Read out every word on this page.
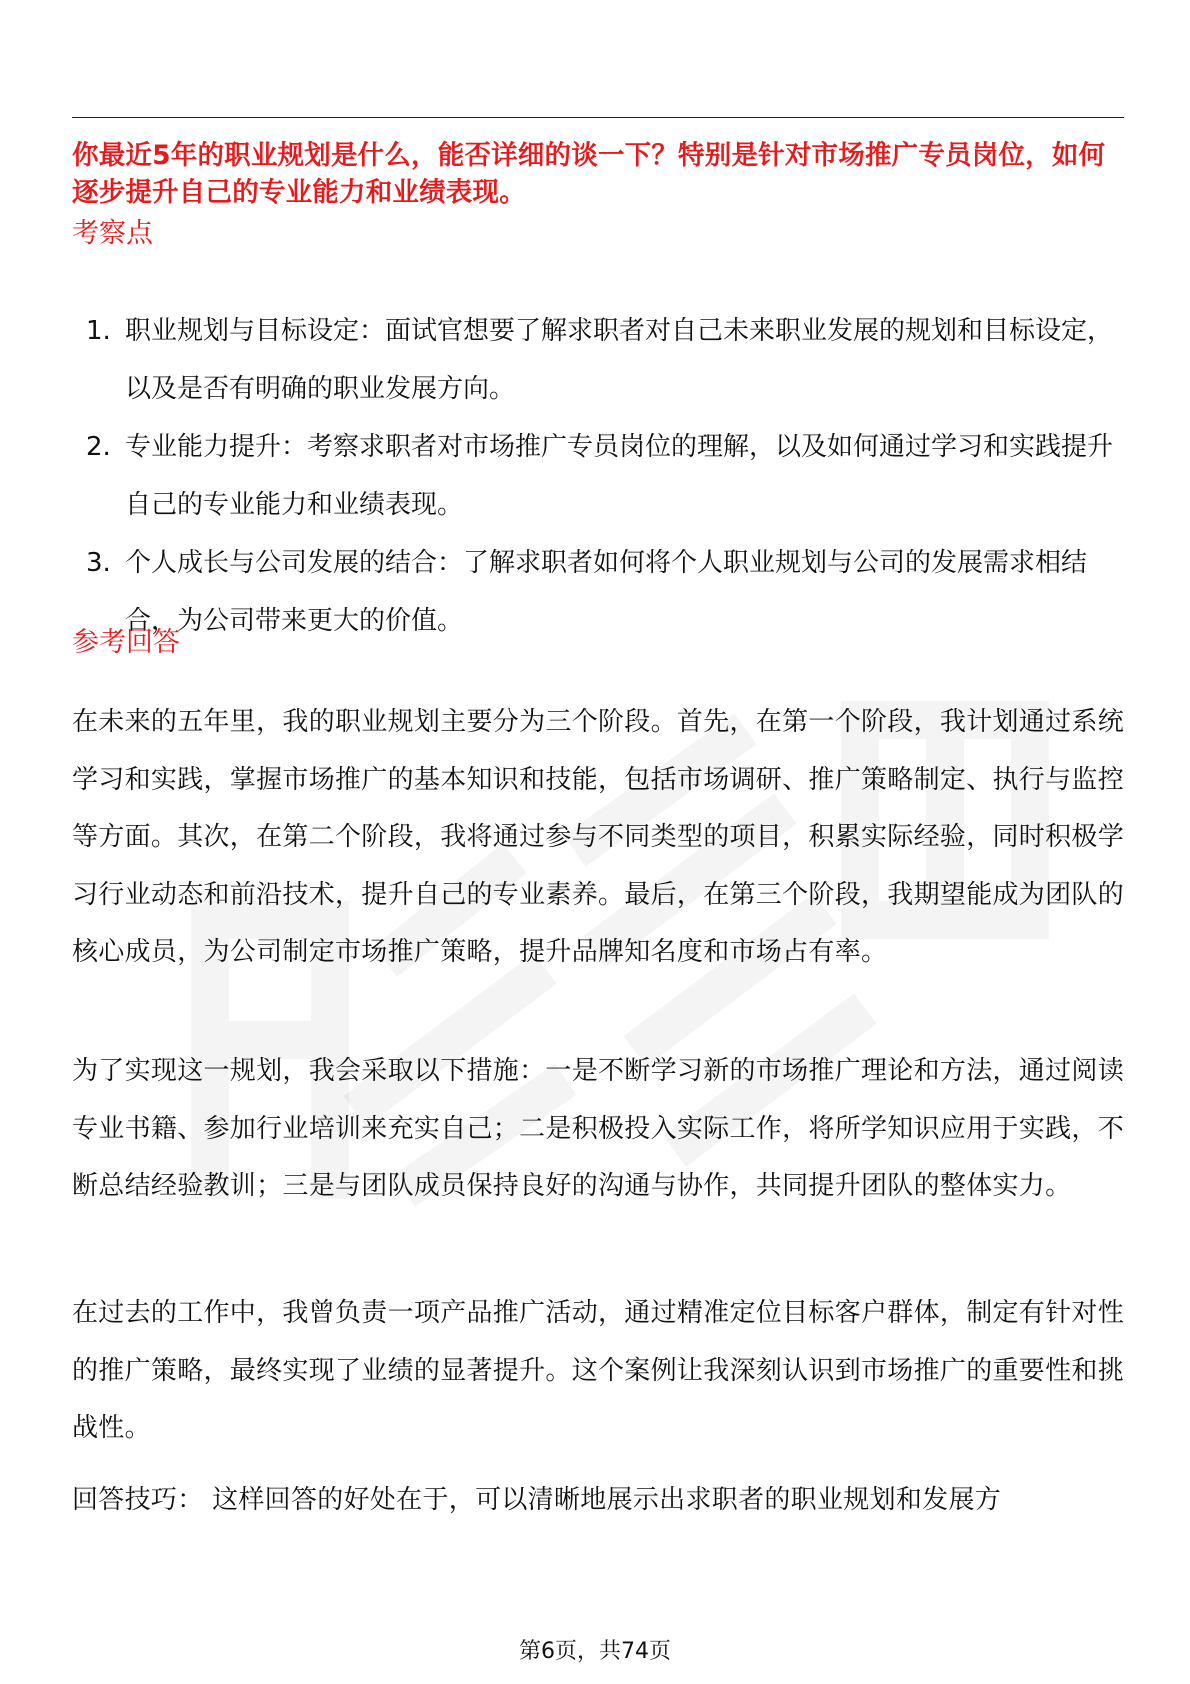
你最近5年的职业规划是什么，能否详细的谈一下？特别是针对市场推广专员岗位，如何逐步提升自己的专业能力和业绩表现。
考察点
1. 职业规划与目标设定：面试官想要了解求职者对自己未来职业发展的规划和目标设定，以及是否有明确的职业发展方向。
2. 专业能力提升：考察求职者对市场推广专员岗位的理解，以及如何通过学习和实践提升自己的专业能力和业绩表现。
3. 个人成长与公司发展的结合：了解求职者如何将个人职业规划与公司的发展需求相结合，为公司带来更大的价值。
参考回答

在未来的五年里，我的职业规划主要分为三个阶段。首先，在第一个阶段，我计划通过系统学习和实践，掌握市场推广的基本知识和技能，包括市场调研、推广策略制定、执行与监控等方面。其次，在第二个阶段，我将通过参与不同类型的项目，积累实际经验，同时积极学习行业动态和前沿技术，提升自己的专业素养。最后，在第三个阶段，我期望能成为团队的核心成员，为公司制定市场推广策略，提升品牌知名度和市场占有率。

为了实现这一规划，我会采取以下措施：一是不断学习新的市场推广理论和方法，通过阅读专业书籍、参加行业培训来充实自己；二是积极投入实际工作，将所学知识应用于实践，不断总结经验教训；三是与团队成员保持良好的沟通与协作，共同提升团队的整体实力。

在过去的工作中，我曾负责一项产品推广活动，通过精准定位目标客户群体，制定有针对性的推广策略，最终实现了业绩的显著提升。这个案例让我深刻认识到市场推广的重要性和挑战性。

回答技巧： 这样回答的好处在于，可以清晰地展示出求职者的职业规划和发展方

第6页，共74页
